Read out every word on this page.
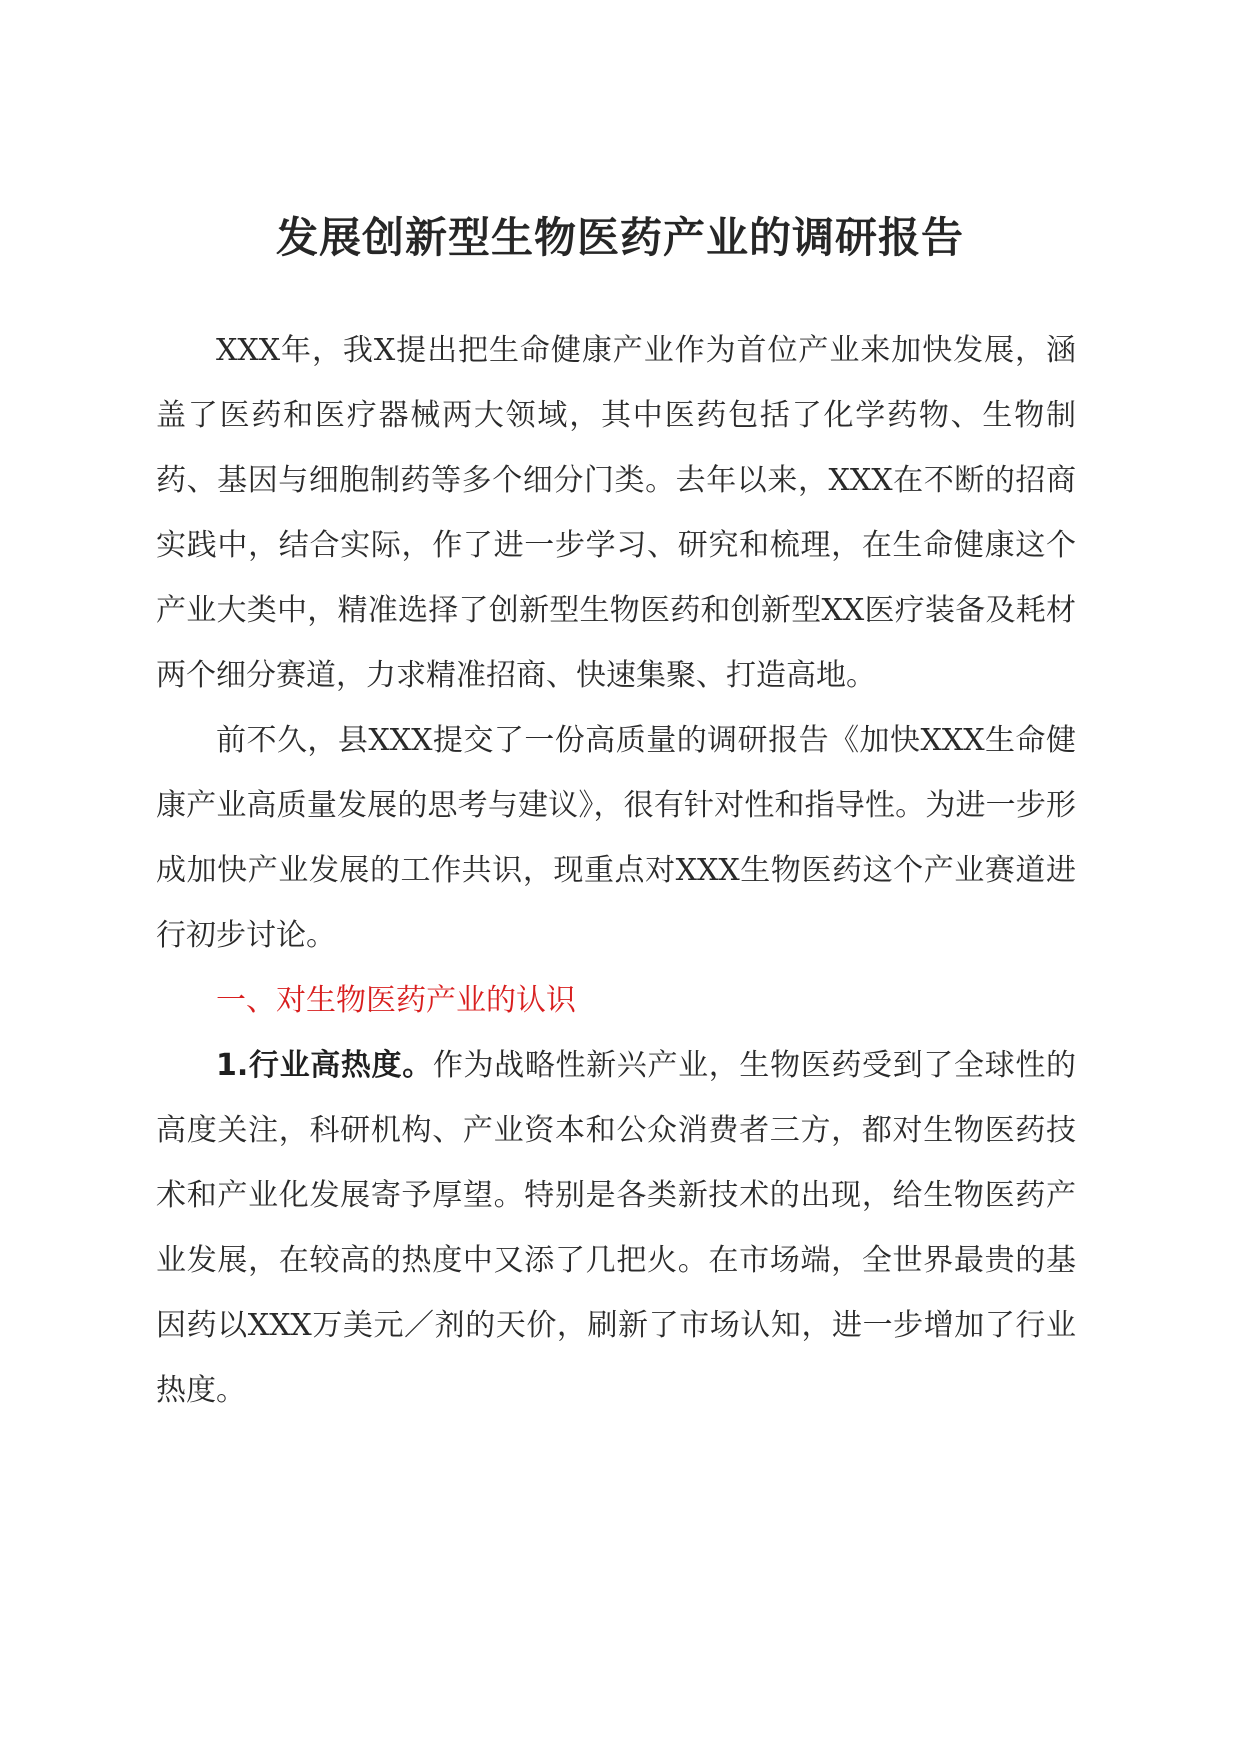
发展创新型生物医药产业的调研报告

XXX年，我X提出把生命健康产业作为首位产业来加快发展，涵盖了医药和医疗器械两大领域，其中医药包括了化学药物、生物制药、基因与细胞制药等多个细分门类。去年以来，XXX在不断的招商实践中，结合实际，作了进一步学习、研究和梳理，在生命健康这个产业大类中，精准选择了创新型生物医药和创新型XX医疗装备及耗材两个细分赛道，力求精准招商、快速集聚、打造高地。

前不久，县XXX提交了一份高质量的调研报告《加快XXX生命健康产业高质量发展的思考与建议》，很有针对性和指导性。为进一步形成加快产业发展的工作共识，现重点对XXX生物医药这个产业赛道进行初步讨论。

一、对生物医药产业的认识

1.行业高热度。作为战略性新兴产业，生物医药受到了全球性的高度关注，科研机构、产业资本和公众消费者三方，都对生物医药技术和产业化发展寄予厚望。特别是各类新技术的出现，给生物医药产业发展，在较高的热度中又添了几把火。在市场端，全世界最贵的基因药以XXX万美元／剂的天价，刷新了市场认知，进一步增加了行业热度。
